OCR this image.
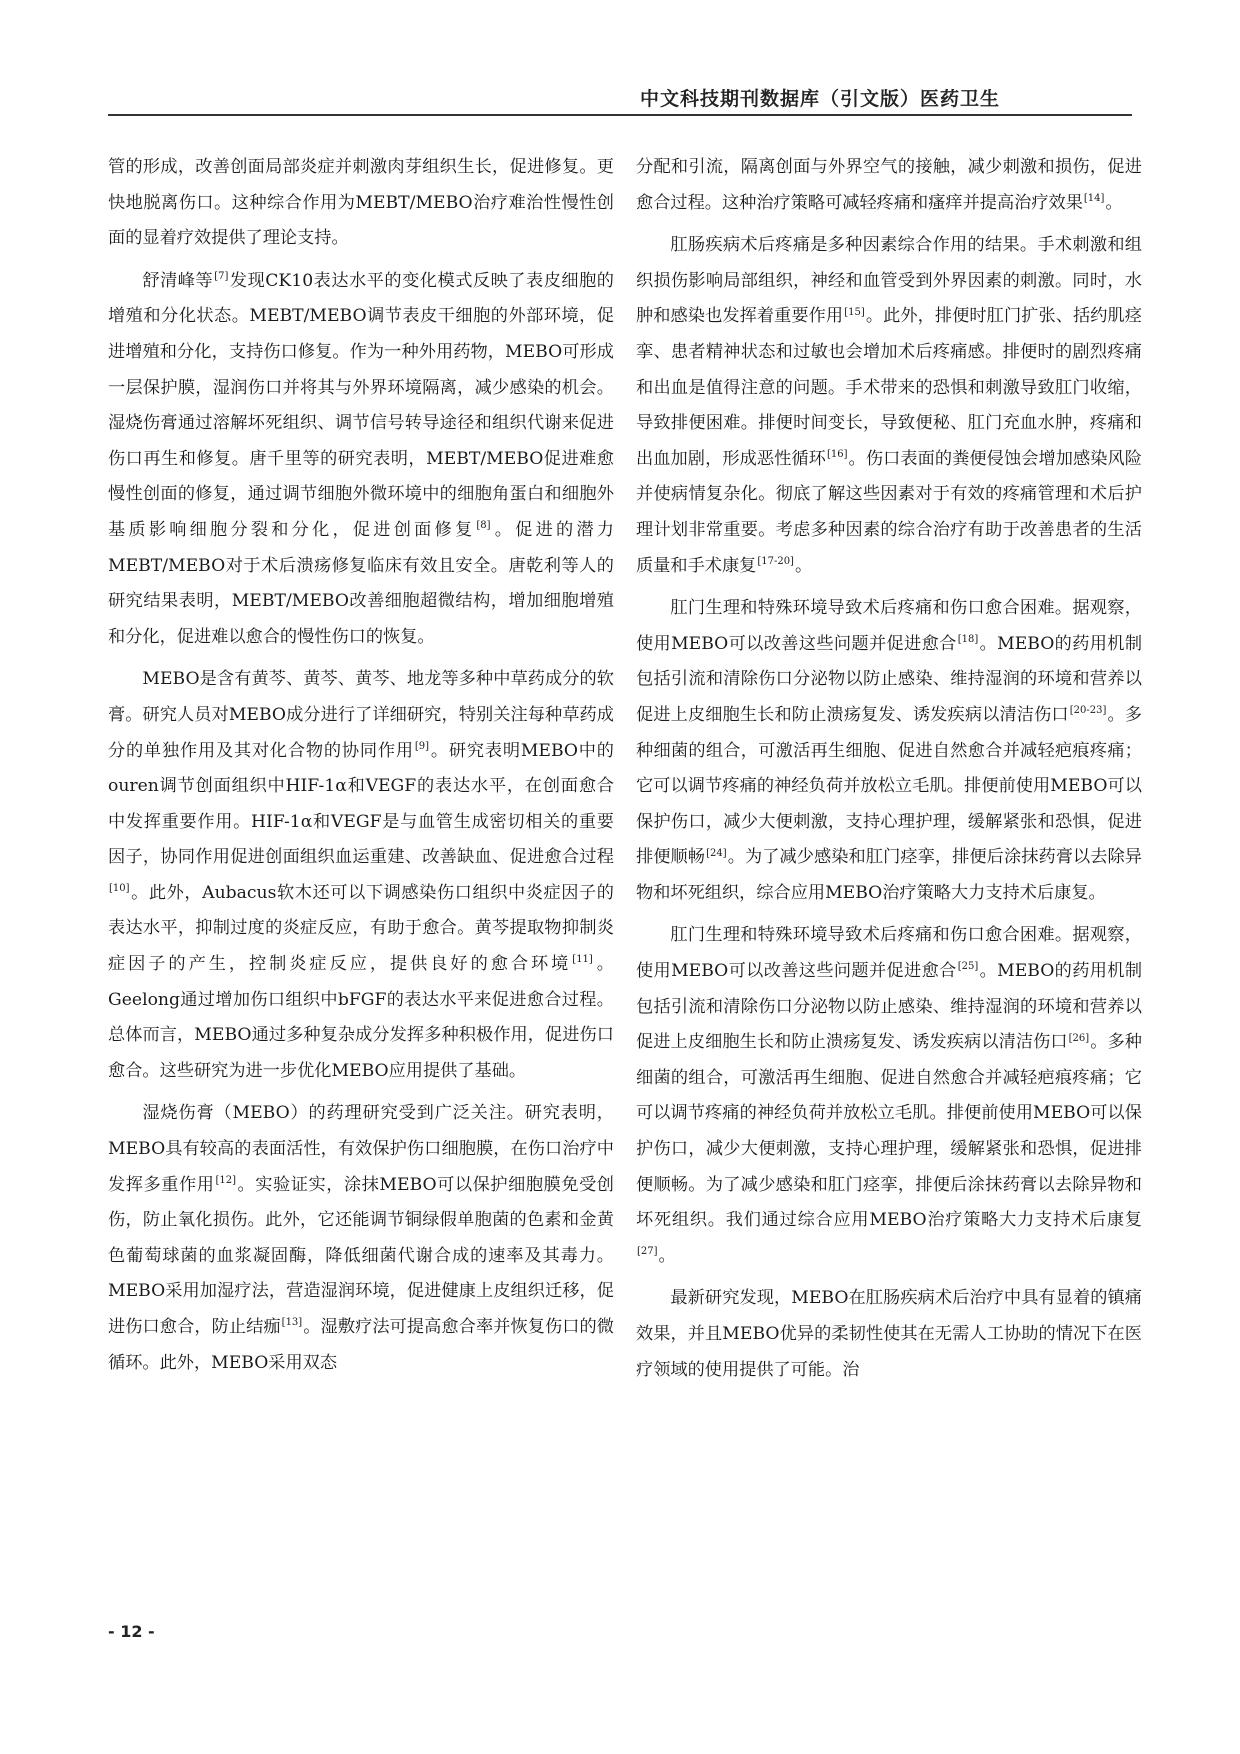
中文科技期刊数据库（引文版）医药卫生

管的形成，改善创面局部炎症并刺激肉芽组织生长，促进修复。更快地脱离伤口。这种综合作用为MEBT/MEBO治疗难治性慢性创面的显着疗效提供了理论支持。

舒清峰等[7]发现CK10表达水平的变化模式反映了表皮细胞的增殖和分化状态。MEBT/MEBO调节表皮干细胞的外部环境，促进增殖和分化，支持伤口修复。作为一种外用药物，MEBO可形成一层保护膜，湿润伤口并将其与外界环境隔离，减少感染的机会。湿烧伤膏通过溶解坏死组织、调节信号转导途径和组织代谢来促进伤口再生和修复。唐千里等的研究表明，MEBT/MEBO促进难愈慢性创面的修复，通过调节细胞外微环境中的细胞角蛋白和细胞外基质影响细胞分裂和分化，促进创面修复[8]。促进的潜力MEBT/MEBO对于术后溃疡修复临床有效且安全。唐乾利等人的研究结果表明，MEBT/MEBO改善细胞超微结构，增加细胞增殖和分化，促进难以愈合的慢性伤口的恢复。

MEBO是含有黄芩、黄芩、黄芩、地龙等多种中草药成分的软膏。研究人员对MEBO成分进行了详细研究，特别关注每种草药成分的单独作用及其对化合物的协同作用[9]。研究表明MEBO中的ouren调节创面组织中HIF-1α和VEGF的表达水平，在创面愈合中发挥重要作用。HIF-1α和VEGF是与血管生成密切相关的重要因子，协同作用促进创面组织血运重建、改善缺血、促进愈合过程[10]。此外，Aubacus软木还可以下调感染伤口组织中炎症因子的表达水平，抑制过度的炎症反应，有助于愈合。黄芩提取物抑制炎症因子的产生，控制炎症反应，提供良好的愈合环境[11]。Geelong通过增加伤口组织中bFGF的表达水平来促进愈合过程。总体而言，MEBO通过多种复杂成分发挥多种积极作用，促进伤口愈合。这些研究为进一步优化MEBO应用提供了基础。

湿烧伤膏（MEBO）的药理研究受到广泛关注。研究表明，MEBO具有较高的表面活性，有效保护伤口细胞膜，在伤口治疗中发挥多重作用[12]。实验证实，涂抹MEBO可以保护细胞膜免受创伤，防止氧化损伤。此外，它还能调节铜绿假单胞菌的色素和金黄色葡萄球菌的血浆凝固酶，降低细菌代谢合成的速率及其毒力。MEBO采用加湿疗法，营造湿润环境，促进健康上皮组织迁移，促进伤口愈合，防止结痂[13]。湿敷疗法可提高愈合率并恢复伤口的微循环。此外，MEBO采用双态

分配和引流，隔离创面与外界空气的接触，减少刺激和损伤，促进愈合过程。这种治疗策略可减轻疼痛和瘙痒并提高治疗效果[14]。

肛肠疾病术后疼痛是多种因素综合作用的结果。手术刺激和组织损伤影响局部组织，神经和血管受到外界因素的刺激。同时，水肿和感染也发挥着重要作用[15]。此外，排便时肛门扩张、括约肌痉挛、患者精神状态和过敏也会增加术后疼痛感。排便时的剧烈疼痛和出血是值得注意的问题。手术带来的恐惧和刺激导致肛门收缩，导致排便困难。排便时间变长，导致便秘、肛门充血水肿，疼痛和出血加剧，形成恶性循环[16]。伤口表面的粪便侵蚀会增加感染风险并使病情复杂化。彻底了解这些因素对于有效的疼痛管理和术后护理计划非常重要。考虑多种因素的综合治疗有助于改善患者的生活质量和手术康复[17-20]。

肛门生理和特殊环境导致术后疼痛和伤口愈合困难。据观察，使用MEBO可以改善这些问题并促进愈合[18]。MEBO的药用机制包括引流和清除伤口分泌物以防止感染、维持湿润的环境和营养以促进上皮细胞生长和防止溃疡复发、诱发疾病以清洁伤口[20-23]。多种细菌的组合，可激活再生细胞、促进自然愈合并减轻疤痕疼痛；它可以调节疼痛的神经负荷并放松立毛肌。排便前使用MEBO可以保护伤口，减少大便刺激，支持心理护理，缓解紧张和恐惧，促进排便顺畅[24]。为了减少感染和肛门痉挛，排便后涂抹药膏以去除异物和坏死组织，综合应用MEBO治疗策略大力支持术后康复。

肛门生理和特殊环境导致术后疼痛和伤口愈合困难。据观察，使用MEBO可以改善这些问题并促进愈合[25]。MEBO的药用机制包括引流和清除伤口分泌物以防止感染、维持湿润的环境和营养以促进上皮细胞生长和防止溃疡复发、诱发疾病以清洁伤口[26]。多种细菌的组合，可激活再生细胞、促进自然愈合并减轻疤痕疼痛；它可以调节疼痛的神经负荷并放松立毛肌。排便前使用MEBO可以保护伤口，减少大便刺激，支持心理护理，缓解紧张和恐惧，促进排便顺畅。为了减少感染和肛门痉挛，排便后涂抹药膏以去除异物和坏死组织。我们通过综合应用MEBO治疗策略大力支持术后康复[27]。

最新研究发现，MEBO在肛肠疾病术后治疗中具有显着的镇痛效果，并且MEBO优异的柔韧性使其在无需人工协助的情况下在医疗领域的使用提供了可能。治

- 12 -
